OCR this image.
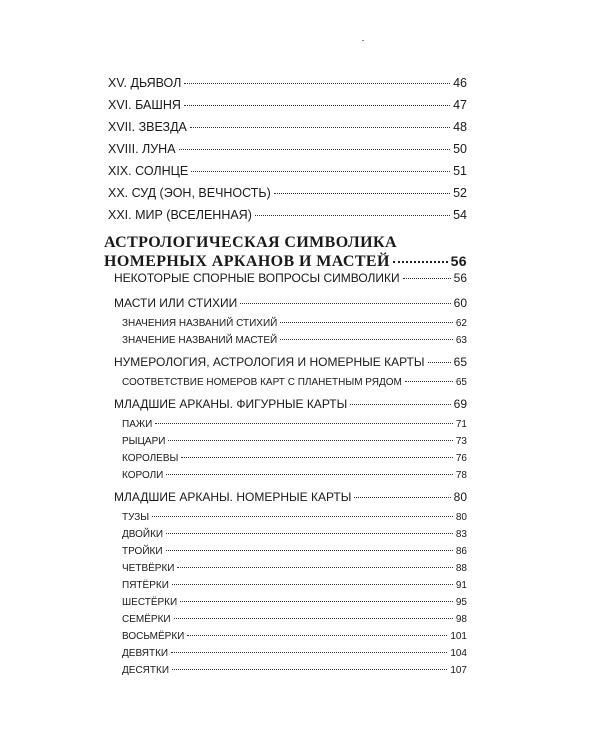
XV. ДЬЯВОЛ	46
XVI. БАШНЯ	47
XVII. ЗВЕЗДА	48
XVIII. ЛУНА	50
XIX. СОЛНЦЕ	51
XX. СУД (ЭОН, ВЕЧНОСТЬ)	52
XXI. МИР (ВСЕЛЕННАЯ)	54
АСТРОЛОГИЧЕСКАЯ СИМВОЛИКА
НОМЕРНЫХ АРКАНОВ И МАСТЕЙ	56
НЕКОТОРЫЕ СПОРНЫЕ ВОПРОСЫ СИМВОЛИКИ	56
МАСТИ ИЛИ СТИХИИ	60
ЗНАЧЕНИЯ НАЗВАНИЙ СТИХИЙ	62
ЗНАЧЕНИЕ НАЗВАНИЙ МАСТЕЙ	63
НУМЕРОЛОГИЯ, АСТРОЛОГИЯ И НОМЕРНЫЕ КАРТЫ 65
СООТВЕТСТВИЕ НОМЕРОВ КАРТ С ПЛАНЕТНЫМ РЯДОМ	65
МЛАДШИЕ АРКАНЫ. ФИГУРНЫЕ КАРТЫ	69
ПАЖИ	71
РЫЦАРИ	73
КОРОЛЕВЫ	76
КОРОЛИ	78
МЛАДШИЕ АРКАНЫ. НОМЕРНЫЕ КАРТЫ	80
ТУЗЫ	80
ДВОЙКИ	83
ТРОЙКИ	86
ЧЕТВЁРКИ	88
ПЯТЁРКИ	91
ШЕСТЁРКИ	95
СЕМЁРКИ	98
ВОСЬМЁРКИ	101
ДЕВЯТКИ	104
ДЕСЯТКИ	107
